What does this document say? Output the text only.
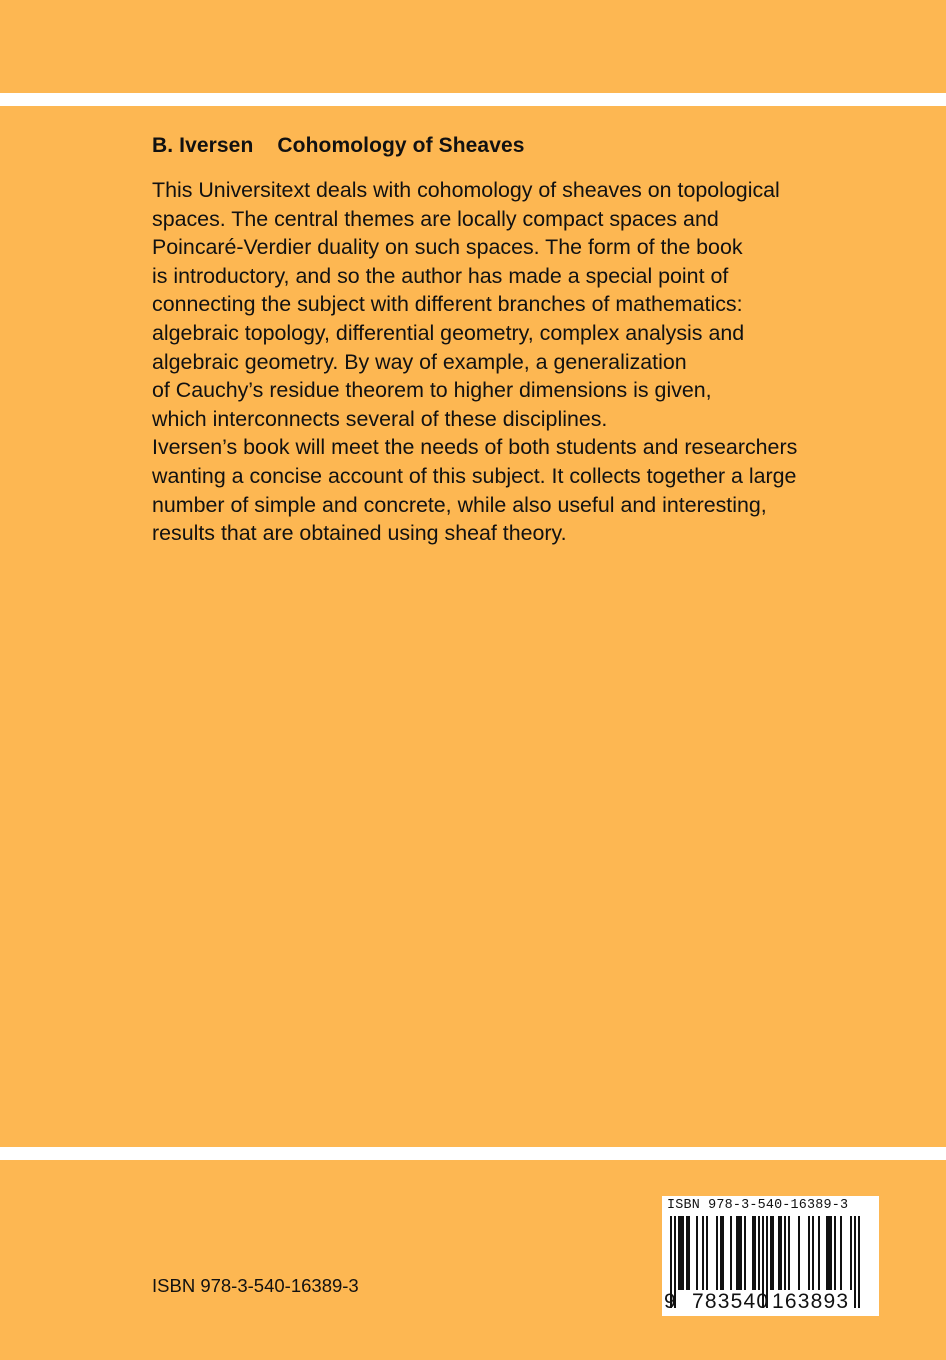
B. Iversen Cohomology of Sheaves
This Universitext deals with cohomology of sheaves on topological
spaces. The central themes are locally compact spaces and
Poincaré-Verdier duality on such spaces. The form of the book
is introductory, and so the author has made a special point of
connecting the subject with different branches of mathematics:
algebraic topology, differential geometry, complex analysis and
algebraic geometry. By way of example, a generalization
of Cauchy’s residue theorem to higher dimensions is given,
which interconnects several of these disciplines.
Iversen’s book will meet the needs of both students and researchers
wanting a concise account of this subject. It collects together a large
number of simple and concrete, while also useful and interesting,
results that are obtained using sheaf theory.
ISBN 978-3-540-16389-3
ISBN 978-3-540-16389-3
9 783540 163893
